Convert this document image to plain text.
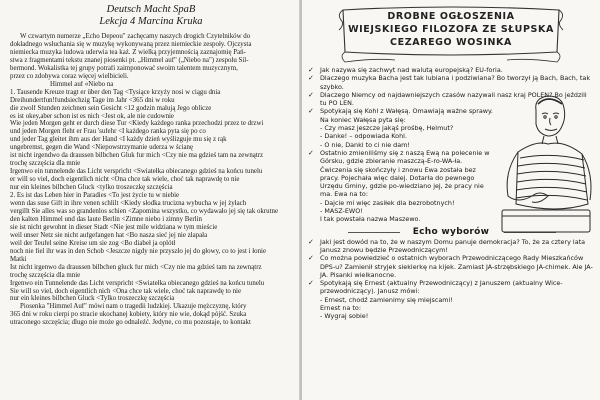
Deutsch Macht SpaB
Lekcja 4 Marcina Kruka
W czwartym numerze „Echo Depeou" zachęcamy naszych drogich Czytelników do
dokładnego wsłuchania się w muzykę wykonywaną przez niemieckie zespoły. Ojczysta
niemiecka muzyka ludowa uderwia tea każ. Z wielką przyjemnością zaznajomię Pań-
stwa z fragmentami tekstu znanej piosenki pt. „Himmel auf" („Niebo na") zespołu Sil-
bermond. Wokalistka tej grupy potrafi zaimponować swoim talentem muzycznym,
przez co zdobywa coraz więcej wielbicieli.
Himmel auf «Niebo na
1. Tausende Kreuze tragt er über den Tag <Tysiące krzyży nosi w ciągu dnia
Dreihundertfun!fundsiechzig Tage im Jahr <365 dni w roku
die zwolf Stunden zeichnen sein Gesicht <12 godzin malują Jego oblicze
es ist okey,aber schon ist es nich <Jest ok, ale nie cudownie
Wie jeden Morgen geht er durch diese Tur <Kiedy każdego ranka przechodzi przez te drzwi
und jeden Morgen fleht er Frau 'sufehr <I każdego ranka pyta się po co
und jeder Tag gleitet ihm aus der Hand <I każdy dzień wyślizguje mu się z rąk
ungebremst, gegen die Wand <Niepowstrzymanie uderza w ścianę
ist nicht irgendwo da draussen bilbchen Gluk fur mich <Czy nie ma gdzieś tam na zewnątrz
trochę szczęścia dla mnie
Irgenwo ein tunnelende das Licht verspricht <Światełka obiecanego gdzieś na końcu tunelu
er will so viel, doch eigentlich nicht <Ona chce tak wiele, choć tak naprawdę to nie
nur ein kleines bilbchen Gluck <tylko troszeczkę szczęścia
2. Es ist das Leben hier in Paradies <To jest życie tu w niebie
wenn das suse Gift in ihre venen schlilt <Kiedy słodka trucizna wybucha w jej żyłach
vergillt Sie alles was so grandenlos schien <Zapomina wszystko, co wydawało jej się tak okrutne
den kalten Himmel und das laute Berlin <Zimne niebo i zimny Berlin
sie ist nicht gewohnt in dieser Stadt <Nie jest mile widziana w tym mieście
weil unser Netz sie nicht aufgefangen hat <Bo nasza sieć jej nie złapała
weil der Teufel seine Kreise um sie zog <Bo diabeł ja oplótł
noch nie fiel ihr was in den Schob <Jeszcze nigdy nie przyszło jej do głowy, co to jest i łonie
Matki
Ist nicht irgenwo da draussen bilbchen gluck fur mich <Czy nie ma gdzieś tam na zewnątrz
trochę szczęścia dla mnie
Irgenwo ein Tunnelende das Licht verspricht <Światełka obiecanego gdzieś na końcu tunelu
Sie will so viel, doch eigentlich nich <Ona chce tak wiele, choć tak naprawdę to nie
nur ein kleines bilbchen Gluck <Tylko troszeczkę szczęścia
Piosenka "Himmel Auf" mówi nam o tragedii ludzkiej. Ukazuje mężczyznę, który
365 dni w roku cierpi po stracie ukochanej kobiety, który nie wie, dokąd pójść. Szuka
utraconego szczęścia; dlugo nie może go odnaleźć. Jedyne, co mu pozostaje, to kontakt
DROBNE OGŁOSZENIA
WIEJSKIEGO FILOZOFA ZE SŁUPSKA
CEZAREGO WOSINKA
✓ Jak nazywa się zachwyt nad walutą europejską? EU-foria.
✓ Dlaczego muzyka Bacha jest tak lubiana i podziwiana? Bo tworzył ją Bach, Bach, tak szybko.
✓ Dlaczego Niemcy od najdawniejszych czasów nazywali nasz kraj POLEN? Bo jeździli tu PO LEN.
✓ Spotykają się Kohl z Wałęsą. Omawiają ważne sprawy. Na koniec Wałęsa pyta się:
- Czy masz jeszcze jakąś prośbę, Helmut?
- Danke! – odpowiada Kohl.
- O nie, Danki to ci nie dam!
✓ Ostatnio zmieniliśmy się z naszą Ewą na polecenie w Górsku, gdzie zbieranie maszczą-E-ro-WA-ła. Ćwiczenia się skończyły i znowu Ewa została bez pracy. Pojechała więc dalej. Dotarła do pewnego Urzędu Gminy, gdzie po-wiedziano jej, że pracy nie ma. Ewa na to:
- Dajcie mi więc zasiłek dla bezrobotnych!
- MASZ-EWO!
I tak powstała nazwa Maszewo.
Echo wyborów
✓ Jaki jest dowód na to, że w naszym Domu panuje demokracja? To, że za cztery lata Janusz znowu będzie Przewodniczącym!
✓ Co można powiedzieć o ostatnich wyborach Przewodniczącego Rady Mieszkańców DPS-u? Zamienił stryjek siekierkę na kijek. Zamiast JA-strzębskiego JA-chimek. Ale JA-JA. Pisanki wielkanocne.
✓ Spotykają się Ernest (aktualny Przewodniczący) z Januszem (aktualny Wice-przewodniczący). Janusz mówi:
- Ernest, chodź zamienimy się miejscami!
Ernest na to:
- Wygraj sobie!
